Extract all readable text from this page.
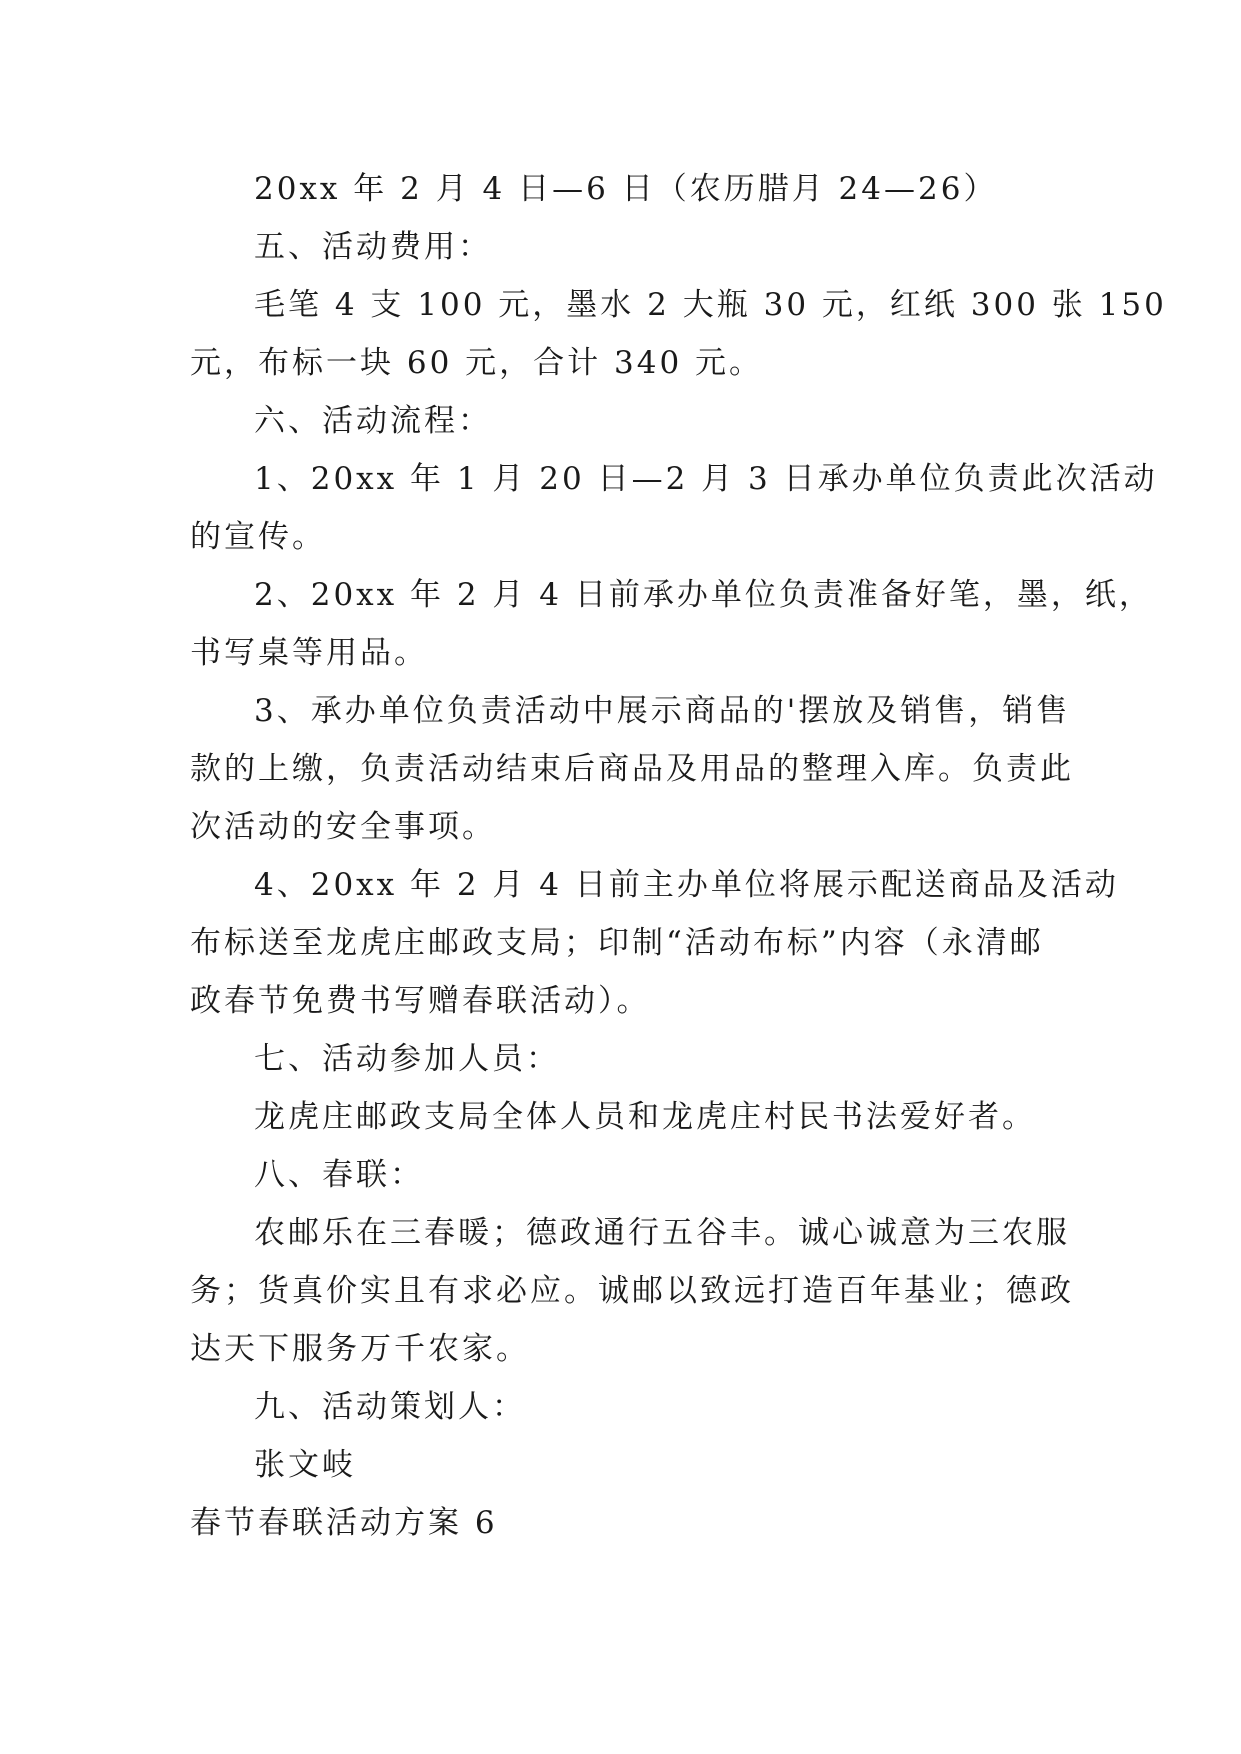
20xx 年 2 月 4 日—6 日（农历腊月 24—26）

五、活动费用：

毛笔 4 支 100 元，墨水 2 大瓶 30 元，红纸 300 张 150

元，布标一块 60 元，合计 340 元。

六、活动流程：

1、20xx 年 1 月 20 日—2 月 3 日承办单位负责此次活动

的宣传。

2、20xx 年 2 月 4 日前承办单位负责准备好笔，墨，纸，

书写桌等用品。

3、承办单位负责活动中展示商品的'摆放及销售，销售

款的上缴，负责活动结束后商品及用品的整理入库。负责此

次活动的安全事项。

4、20xx 年 2 月 4 日前主办单位将展示配送商品及活动

布标送至龙虎庄邮政支局；印制“活动布标”内容（永清邮

政春节免费书写赠春联活动）。

七、活动参加人员：

龙虎庄邮政支局全体人员和龙虎庄村民书法爱好者。

八、春联：

农邮乐在三春暖；德政通行五谷丰。诚心诚意为三农服

务；货真价实且有求必应。诚邮以致远打造百年基业；德政

达天下服务万千农家。

九、活动策划人：

张文岐

春节春联活动方案 6
